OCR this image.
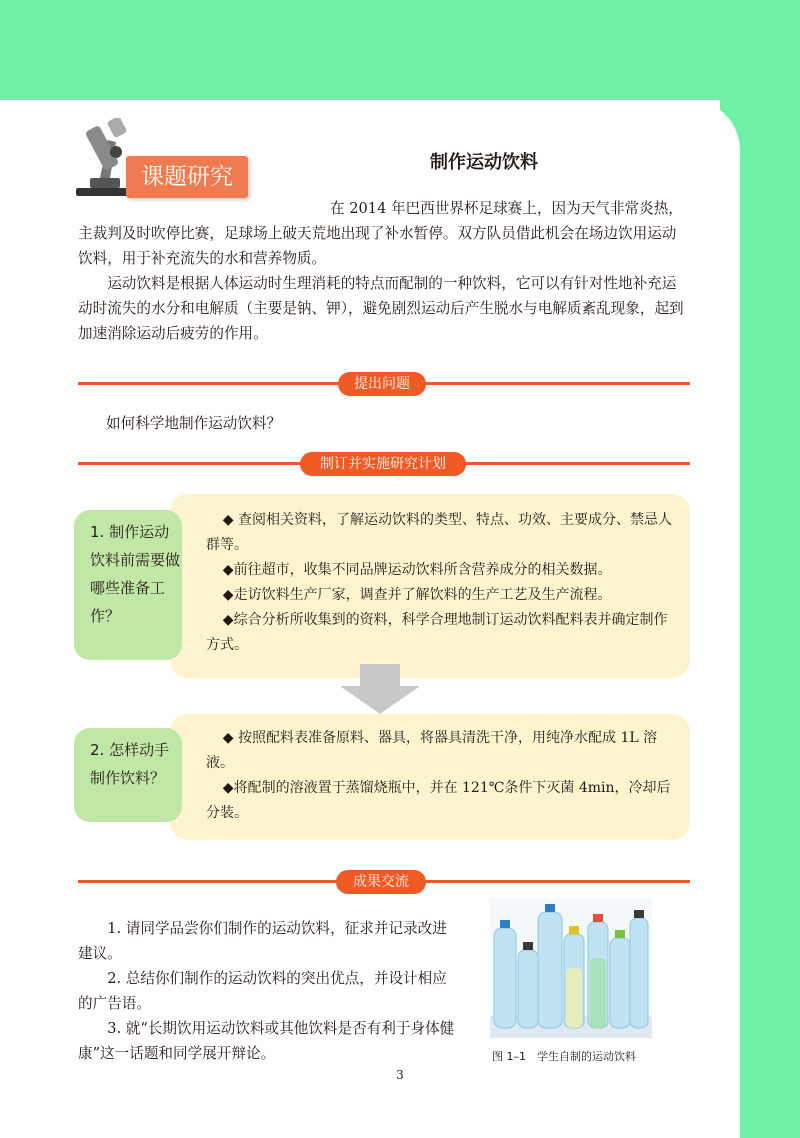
课题研究
制作运动饮料

在 2014 年巴西世界杯足球赛上，因为天气非常炎热，主裁判及时吹停比赛，足球场上破天荒地出现了补水暂停。双方队员借此机会在场边饮用运动饮料，用于补充流失的水和营养物质。

运动饮料是根据人体运动时生理消耗的特点而配制的一种饮料，它可以有针对性地补充运动时流失的水分和电解质（主要是钠、钾），避免剧烈运动后产生脱水与电解质紊乱现象，起到加速消除运动后疲劳的作用。

提出问题
如何科学地制作运动饮料？
制订并实施研究计划
1. 制作运动饮料前需要做哪些准备工作？

◆ 查阅相关资料，了解运动饮料的类型、特点、功效、主要成分、禁忌人群等。

◆前往超市，收集不同品牌运动饮料所含营养成分的相关数据。

◆走访饮料生产厂家，调查并了解饮料的生产工艺及生产流程。

◆综合分析所收集到的资料，科学合理地制订运动饮料配料表并确定制作方式。

2. 怎样动手制作饮料？

◆ 按照配料表准备原料、器具，将器具清洗干净，用纯净水配成 1L 溶液。

◆将配制的溶液置于蒸馏烧瓶中，并在 121℃条件下灭菌 4min，冷却后分装。

成果交流

1. 请同学品尝你们制作的运动饮料，征求并记录改进建议。

2. 总结你们制作的运动饮料的突出优点，并设计相应的广告语。

3. 就“长期饮用运动饮料或其他饮料是否有利于身体健康”这一话题和同学展开辩论。	图 1–1　学生自制的运动饮料
3
